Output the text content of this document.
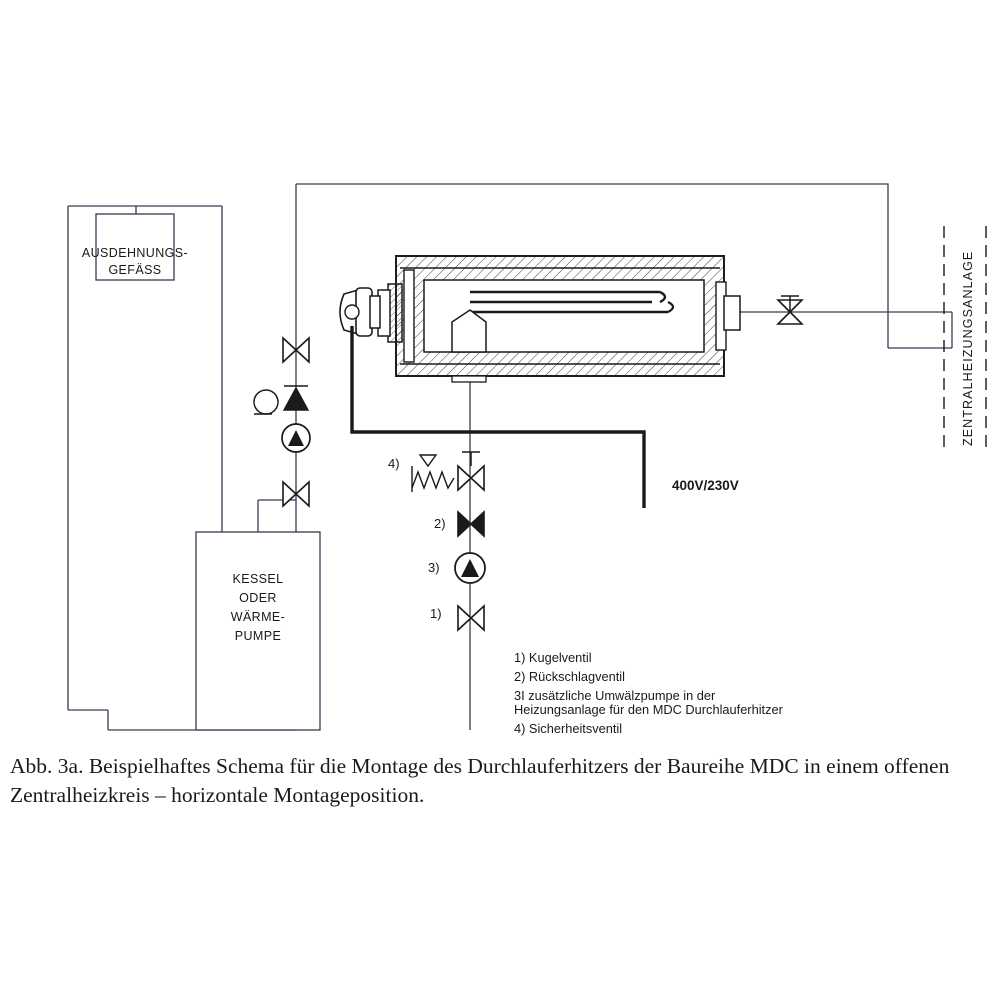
AUSDEHNUNGS-
GEFÄSS
KESSEL
ODER
WÄRME-
PUMPE
4)
2)
3)
1)
400V/230V
ZENTRALHEIZUNGSANLAGE
1) Kugelventil
2) Rückschlagventil
3I zusätzliche Umwälzpumpe in der
Heizungsanlage für den MDC Durchlauferhitzer
4) Sicherheitsventil
Abb. 3a. Beispielhaftes Schema für die Montage des Durchlauferhitzers der Baureihe MDC in einem offenen Zentralheizkreis – horizontale Montageposition.
